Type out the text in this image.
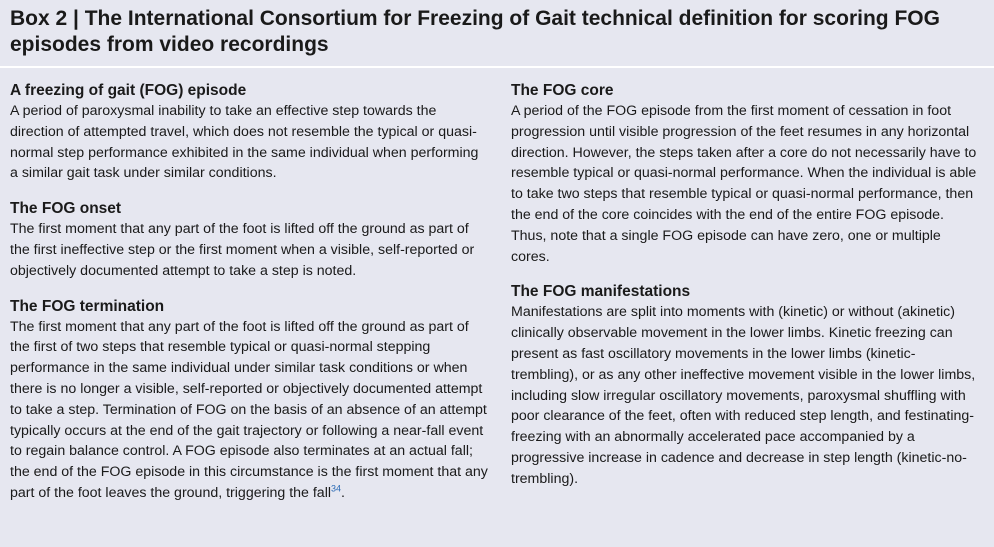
Box 2 | The International Consortium for Freezing of Gait technical definition for scoring FOG episodes from video recordings
A freezing of gait (FOG) episode

A period of paroxysmal inability to take an effective step towards the direction of attempted travel, which does not resemble the typical or quasi-normal step performance exhibited in the same individual when performing a similar gait task under similar conditions.

The FOG onset

The first moment that any part of the foot is lifted off the ground as part of the first ineffective step or the first moment when a visible, self-reported or objectively documented attempt to take a step is noted.

The FOG termination

The first moment that any part of the foot is lifted off the ground as part of the first of two steps that resemble typical or quasi-normal stepping performance in the same individual under similar task conditions or when there is no longer a visible, self-reported or objectively documented attempt to take a step. Termination of FOG on the basis of an absence of an attempt typically occurs at the end of the gait trajectory or following a near-fall event to regain balance control. A FOG episode also terminates at an actual fall; the end of the FOG episode in this circumstance is the first moment that any part of the foot leaves the ground, triggering the fall$^{34}$.

The FOG core

A period of the FOG episode from the first moment of cessation in foot progression until visible progression of the feet resumes in any horizontal direction. However, the steps taken after a core do not necessarily have to resemble typical or quasi-normal performance. When the individual is able to take two steps that resemble typical or quasi-normal performance, then the end of the core coincides with the end of the entire FOG episode. Thus, note that a single FOG episode can have zero, one or multiple cores.

The FOG manifestations

Manifestations are split into moments with (kinetic) or without (akinetic) clinically observable movement in the lower limbs. Kinetic freezing can present as fast oscillatory movements in the lower limbs (kinetic-trembling), or as any other ineffective movement visible in the lower limbs, including slow irregular oscillatory movements, paroxysmal shuffling with poor clearance of the feet, often with reduced step length, and festinating-freezing with an abnormally accelerated pace accompanied by a progressive increase in cadence and decrease in step length (kinetic-no-trembling).
